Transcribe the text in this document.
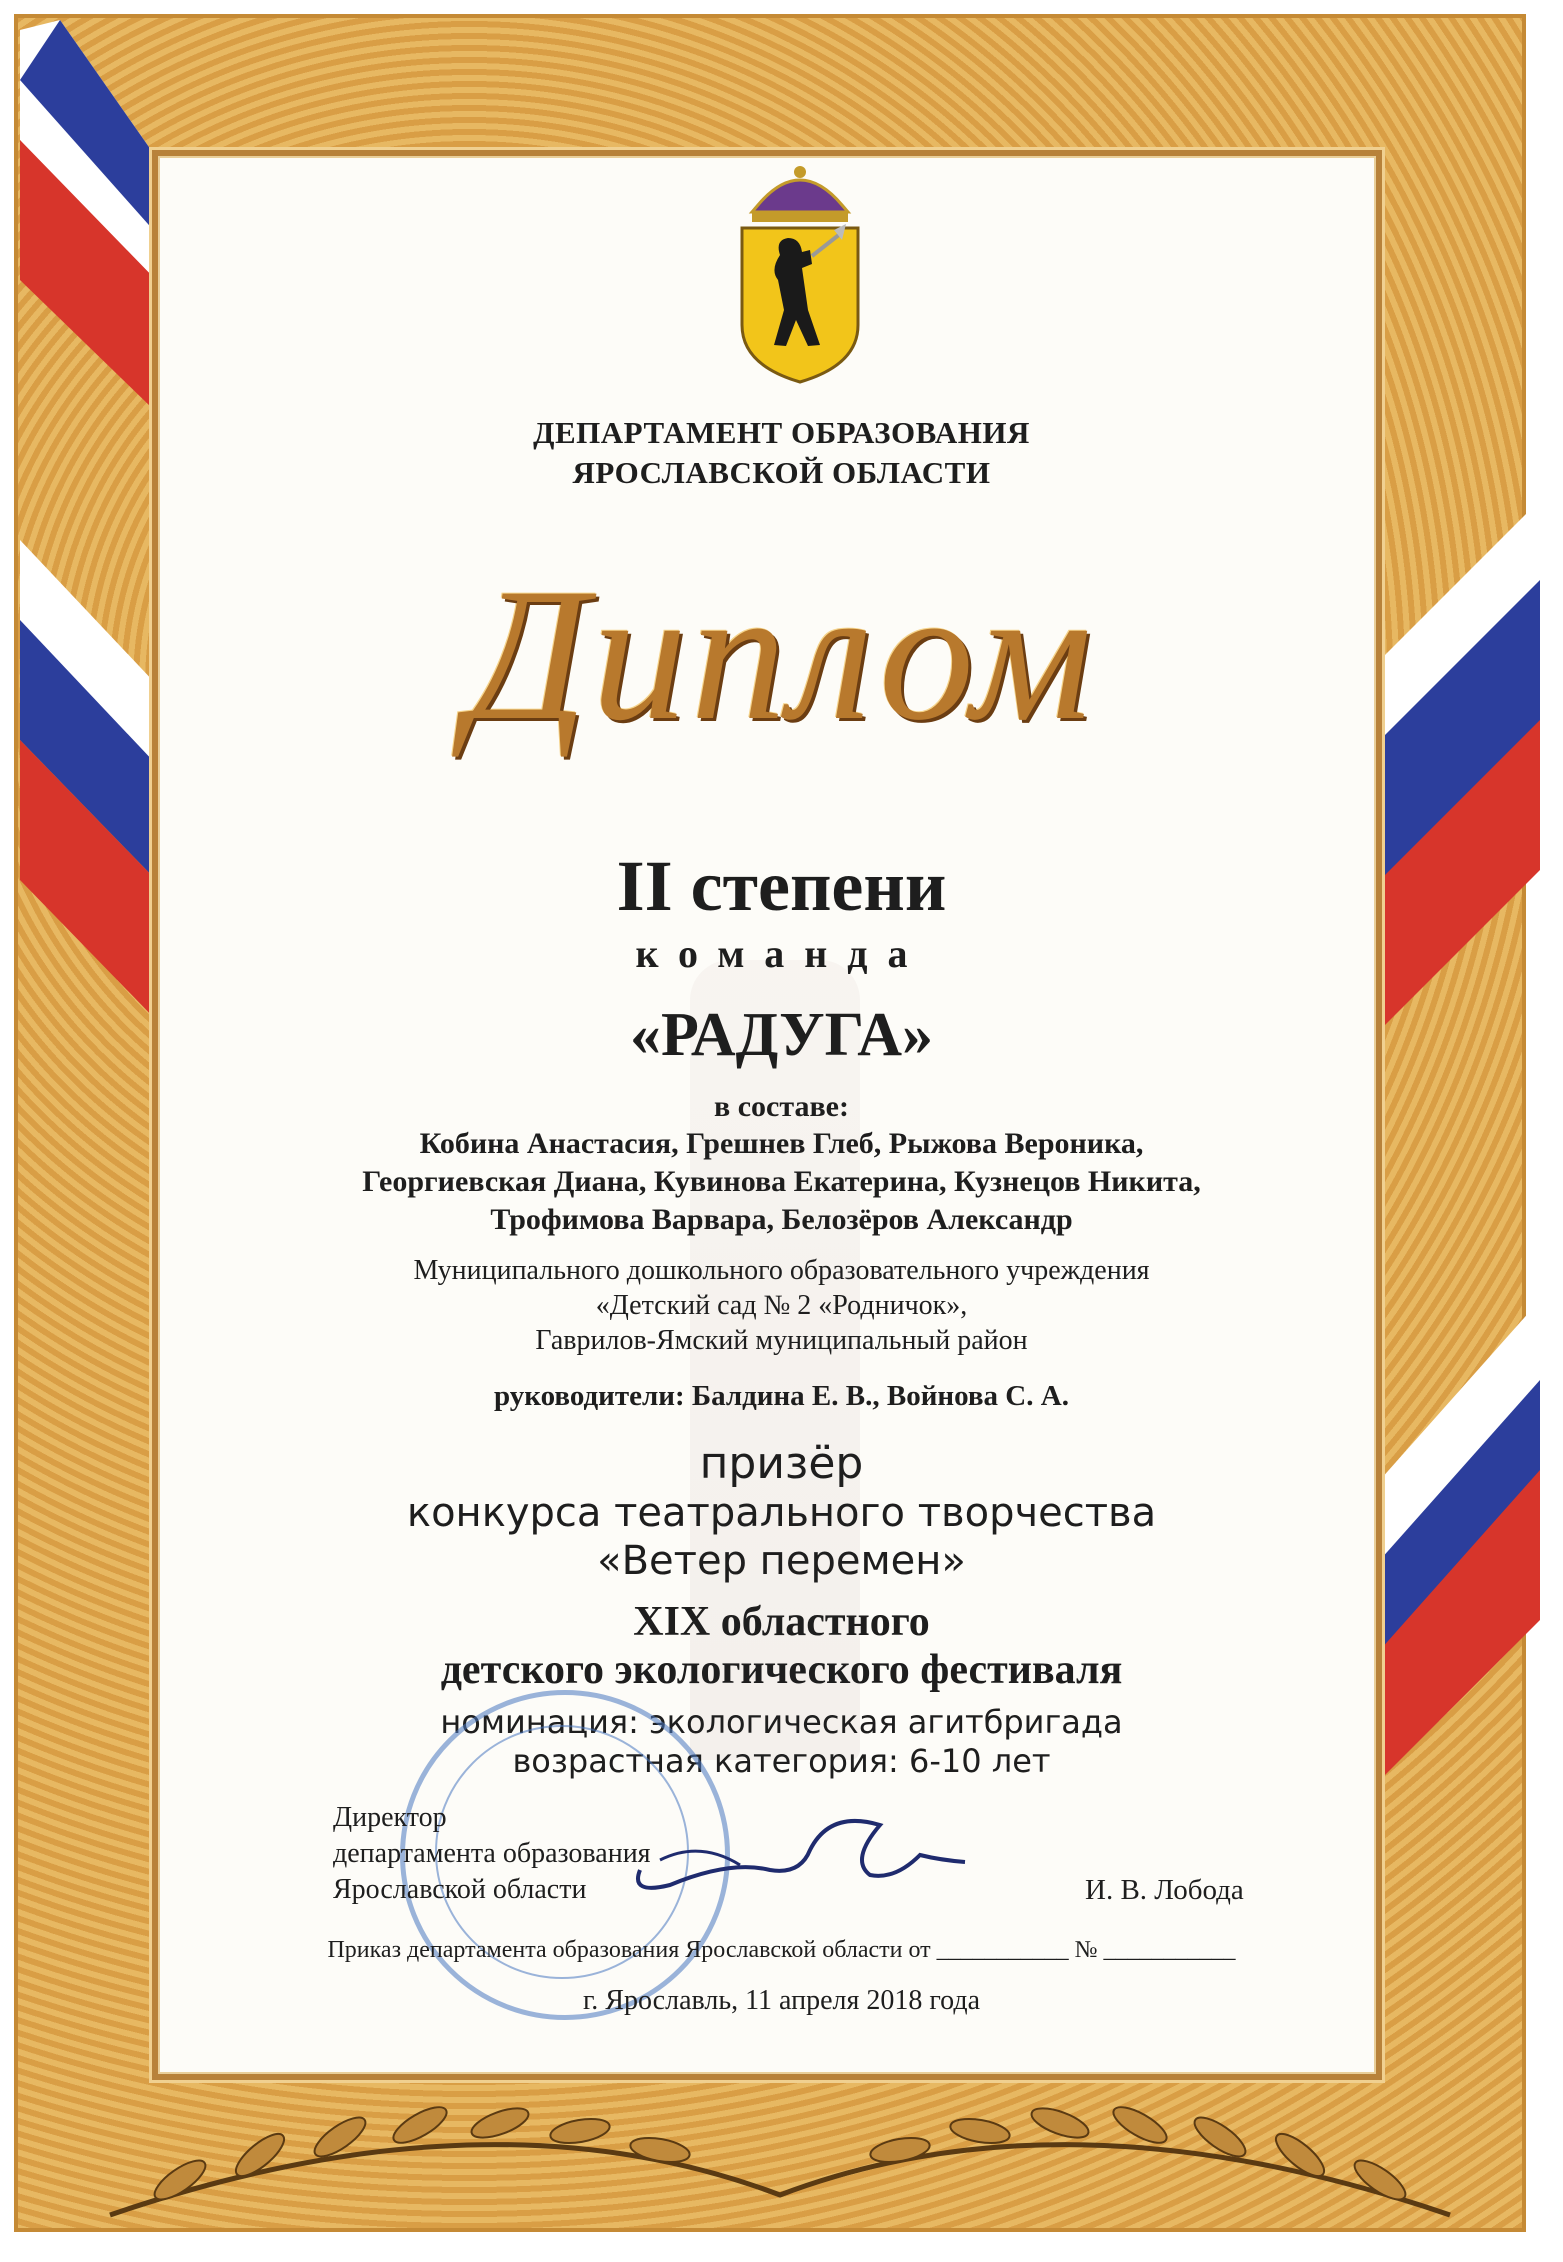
ДЕПАРТАМЕНТ ОБРАЗОВАНИЯ
ЯРОСЛАВСКОЙ ОБЛАСТИ
Диплом
II степени
команда
«РАДУГА»
в составе:
Кобина Анастасия, Грешнев Глеб, Рыжова Вероника,
Георгиевская Диана, Кувинова Екатерина, Кузнецов Никита,
Трофимова Варвара, Белозёров Александр
Муниципального дошкольного образовательного учреждения
«Детский сад № 2 «Родничок»,
Гаврилов-Ямский муниципальный район
руководители: Балдина Е. В., Войнова С. А.
призёр
конкурса театрального творчества
«Ветер перемен»
XIX областного
детского экологического фестиваля
номинация: экологическая агитбригада
возрастная категория: 6-10 лет
Директор
департамента образования
Ярославской области	И. В. Лобода
Приказ департамента образования Ярославской области от ___________ № ___________
г. Ярославль, 11 апреля 2018 года
